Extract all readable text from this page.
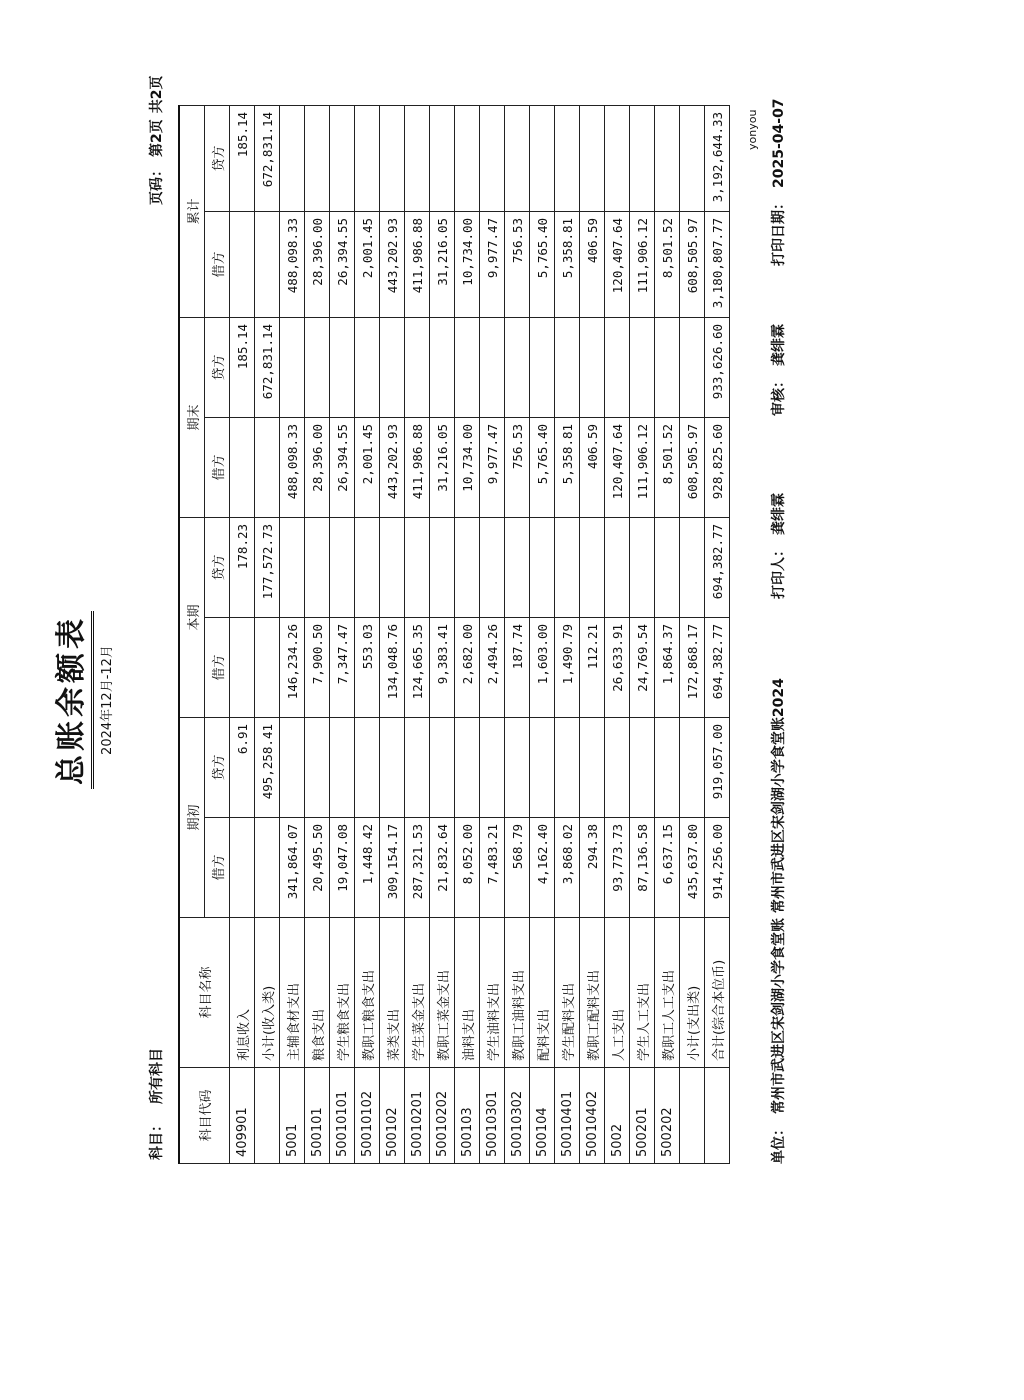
总账余额表 2024年12月-12月
科目：所有科目
页码：第2页共2页
科目代码	科目名称	期初		本期		期末		累计	
		借方	贷方	借方	贷方	借方	贷方	借方	贷方
409901	利息收入		6.91		178.23		185.14		185.14
	小计(收入类)		495,258.41		177,572.73		672,831.14		672,831.14
5001	主辅食材支出	341,864.07		146,234.26		488,098.33		488,098.33	
500101	粮食支出	20,495.50		7,900.50		28,396.00		28,396.00	
50010101	学生粮食支出	19,047.08		7,347.47		26,394.55		26,394.55	
50010102	教职工粮食支出	1,448.42		553.03		2,001.45		2,001.45	
500102	菜类支出	309,154.17		134,048.76		443,202.93		443,202.93	
50010201	学生菜金支出	287,321.53		124,665.35		411,986.88		411,986.88	
50010202	教职工菜金支出	21,832.64		9,383.41		31,216.05		31,216.05	
500103	油料支出	8,052.00		2,682.00		10,734.00		10,734.00	
50010301	学生油料支出	7,483.21		2,494.26		9,977.47		9,977.47	
50010302	教职工油料支出	568.79		187.74		756.53		756.53	
500104	配料支出	4,162.40		1,603.00		5,765.40		5,765.40	
50010401	学生配料支出	3,868.02		1,490.79		5,358.81		5,358.81	
50010402	教职工配料支出	294.38		112.21		406.59		406.59	
5002	人工支出	93,773.73		26,633.91		120,407.64		120,407.64	
500201	学生人工支出	87,136.58		24,769.54		111,906.12		111,906.12	
500202	教职工人工支出	6,637.15		1,864.37		8,501.52		8,501.52	
	小计(支出类)	435,637.80		172,868.17		608,505.97		608,505.97	
	合计(综合本位币)	914,256.00	919,057.00	694,382.77	694,382.77	928,825.60	933,626.60	3,180,807.77	3,192,644.33
单位：常州市武进区宋剑湖小学食堂账 常州市武进区宋剑湖小学食堂账2024
打印人：龚绯霖
审核：龚绯霖
打印日期：2025-04-07
yonyou
